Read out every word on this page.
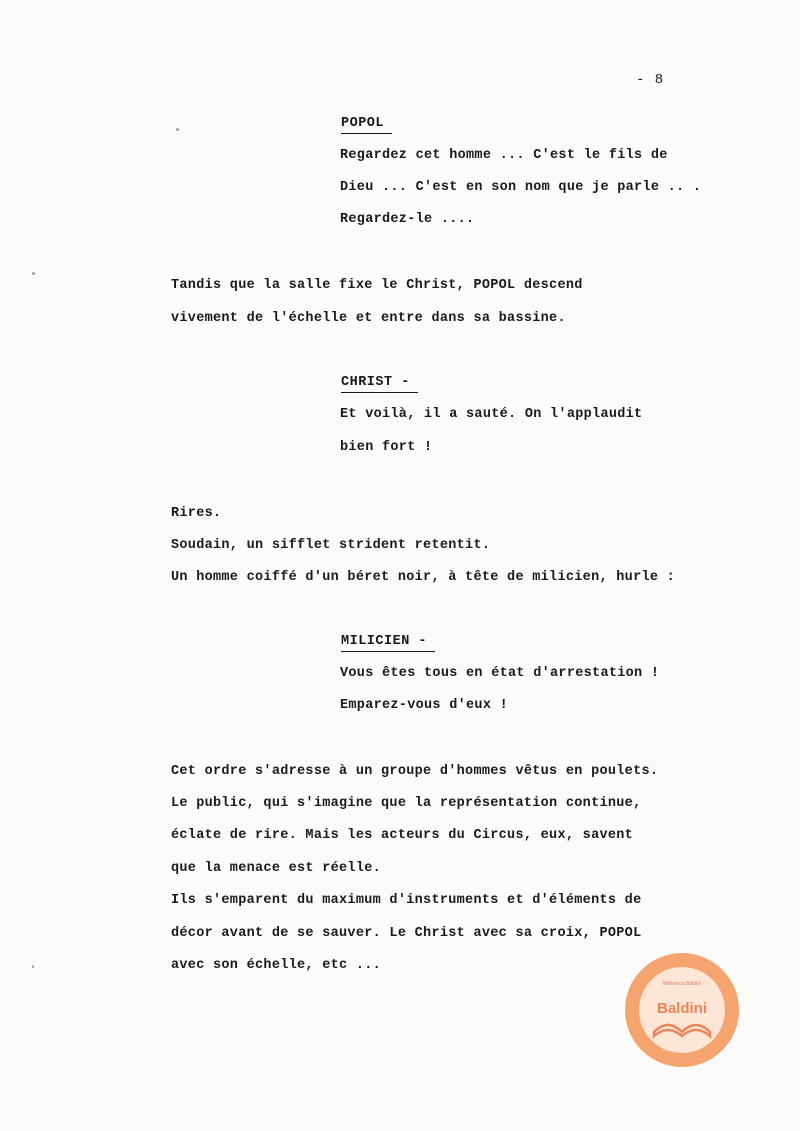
- 8
POPOL
Regardez cet homme ... C'est le fils de
Dieu ... C'est en son nom que je parle .. .
Regardez-le ....
Tandis que la salle fixe le Christ, POPOL descend
vivement de l'échelle et entre dans sa bassine.
CHRIST -
Et voilà, il a sauté. On l'applaudit
bien fort !
Rires.
Soudain, un sifflet strident retentit.
Un homme coiffé d'un béret noir, à tête de milicien, hurle :
MILICIEN -
Vous êtes tous en état d'arrestation !
Emparez-vous d'eux !
Cet ordre s'adresse à un groupe d'hommes vêtus en poulets.
Le public, qui s'imagine que la représentation continue,
éclate de rire. Mais les acteurs du Circus, eux, savent
que la menace est réelle.
Ils s'emparent du maximum d'instruments et d'éléments de
décor avant de se sauver. Le Christ avec sa croix, POPOL
avec son échelle, etc ...
Biblioteca Baldini
Baldini
